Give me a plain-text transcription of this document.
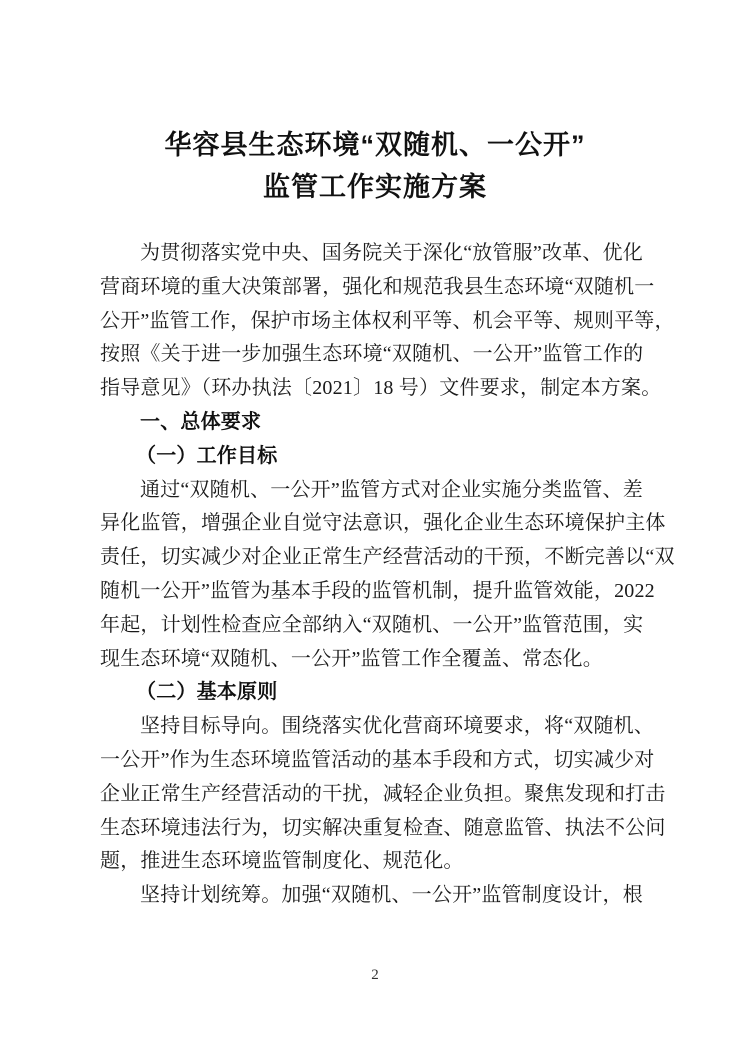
华容县生态环境“双随机、一公开”
监管工作实施方案
为贯彻落实党中央、国务院关于深化“放管服”改革、优化
营商环境的重大决策部署，强化和规范我县生态环境“双随机一
公开”监管工作，保护市场主体权利平等、机会平等、规则平等，
按照《关于进一步加强生态环境“双随机、一公开”监管工作的
指导意见》（环办执法〔2021〕18 号）文件要求，制定本方案。
一、总体要求
（一）工作目标
通过“双随机、一公开”监管方式对企业实施分类监管、差
异化监管，增强企业自觉守法意识，强化企业生态环境保护主体
责任，切实减少对企业正常生产经营活动的干预，不断完善以“双
随机一公开”监管为基本手段的监管机制，提升监管效能，2022
年起，计划性检查应全部纳入“双随机、一公开”监管范围，实
现生态环境“双随机、一公开”监管工作全覆盖、常态化。
（二）基本原则
坚持目标导向。围绕落实优化营商环境要求，将“双随机、
一公开”作为生态环境监管活动的基本手段和方式，切实减少对
企业正常生产经营活动的干扰，减轻企业负担。聚焦发现和打击
生态环境违法行为，切实解决重复检查、随意监管、执法不公问
题，推进生态环境监管制度化、规范化。
坚持计划统筹。加强“双随机、一公开”监管制度设计，根
2
